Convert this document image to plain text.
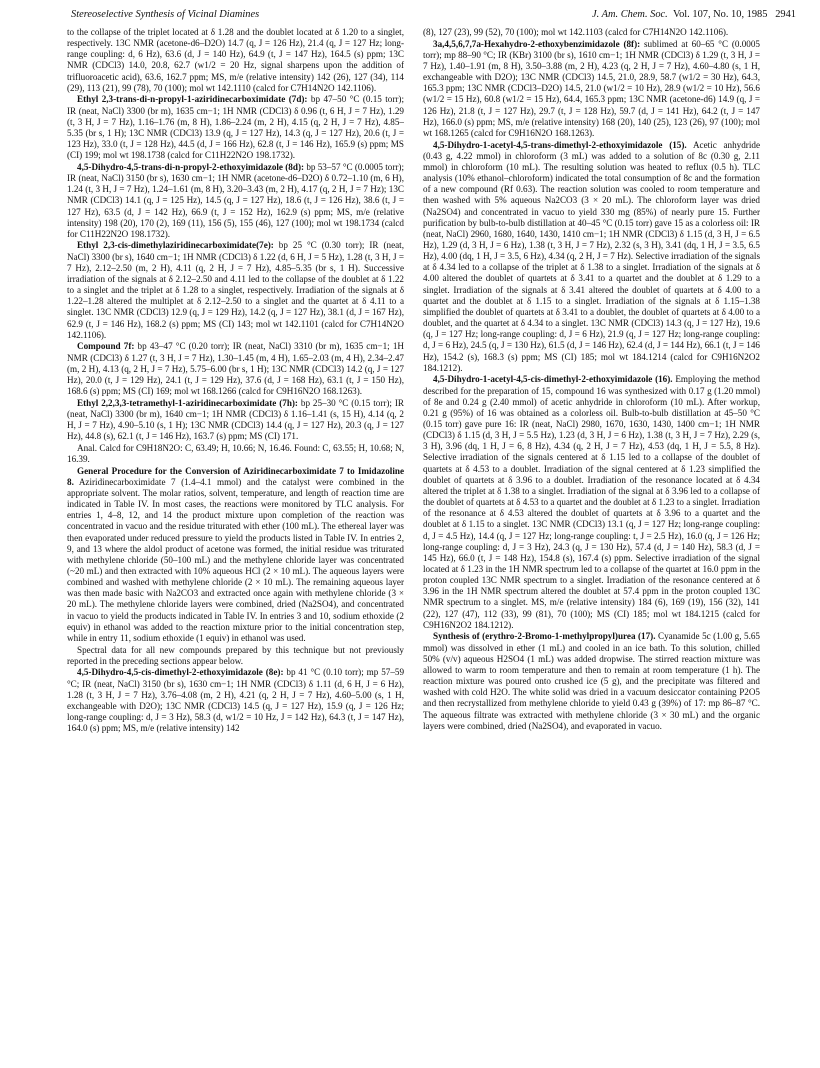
Stereoselective Synthesis of Vicinal Diamines	J. Am. Chem. Soc. Vol. 107, No. 10, 1985 2941

to the collapse of the triplet located at δ 1.28 and the doublet located at δ 1.20 to a singlet, respectively. 13C NMR (acetone-d6–D2O) 14.7 (q, J = 126 Hz), 21.4 (q, J = 127 Hz; long-range coupling: d, 6 Hz), 63.6 (d, J = 140 Hz), 64.9 (t, J = 147 Hz), 164.5 (s) ppm; 13C NMR (CDCl3) 14.0, 20.8, 62.7 (w1/2 = 20 Hz, signal sharpens upon the addition of trifluoroacetic acid), 63.6, 162.7 ppm; MS, m/e (relative intensity) 142 (26), 127 (34), 114 (29), 113 (21), 99 (78), 70 (100); mol wt 142.1110 (calcd for C7H14N2O 142.1106).

Ethyl 2,3-trans-di-n-propyl-1-aziridinecarboximidate (7d): bp 47–50 °C (0.15 torr); IR (neat, NaCl) 3300 (br m), 1635 cm−1; 1H NMR (CDCl3) δ 0.96 (t, 6 H, J = 7 Hz), 1.29 (t, 3 H, J = 7 Hz), 1.16–1.76 (m, 8 H), 1.86–2.24 (m, 2 H), 4.15 (q, 2 H, J = 7 Hz), 4.85–5.35 (br s, 1 H); 13C NMR (CDCl3) 13.9 (q, J = 127 Hz), 14.3 (q, J = 127 Hz), 20.6 (t, J = 123 Hz), 33.0 (t, J = 128 Hz), 44.5 (d, J = 166 Hz), 62.8 (t, J = 146 Hz), 165.9 (s) ppm; MS (CI) 199; mol wt 198.1738 (calcd for C11H22N2O 198.1732).

4,5-Dihydro-4,5-trans-di-n-propyl-2-ethoxyimidazole (8d): bp 53–57 °C (0.0005 torr); IR (neat, NaCl) 3150 (br s), 1630 cm−1; 1H NMR (acetone-d6–D2O) δ 0.72–1.10 (m, 6 H), 1.24 (t, 3 H, J = 7 Hz), 1.24–1.61 (m, 8 H), 3.20–3.43 (m, 2 H), 4.17 (q, 2 H, J = 7 Hz); 13C NMR (CDCl3) 14.1 (q, J = 125 Hz), 14.5 (q, J = 127 Hz), 18.6 (t, J = 126 Hz), 38.6 (t, J = 127 Hz), 63.5 (d, J = 142 Hz), 66.9 (t, J = 152 Hz), 162.9 (s) ppm; MS, m/e (relative intensity) 198 (20), 170 (2), 169 (11), 156 (5), 155 (46), 127 (100); mol wt 198.1734 (calcd for C11H22N2O 198.1732).

Ethyl 2,3-cis-dimethylaziridinecarboximidate(7e): bp 25 °C (0.30 torr); IR (neat, NaCl) 3300 (br s), 1640 cm−1; 1H NMR (CDCl3) δ 1.22 (d, 6 H, J = 5 Hz), 1.28 (t, 3 H, J = 7 Hz), 2.12–2.50 (m, 2 H), 4.11 (q, 2 H, J = 7 Hz), 4.85–5.35 (br s, 1 H). Successive irradiation of the signals at δ 2.12–2.50 and 4.11 led to the collapse of the doublet at δ 1.22 to a singlet and the triplet at δ 1.28 to a singlet, respectively. Irradiation of the signals at δ 1.22–1.28 altered the multiplet at δ 2.12–2.50 to a singlet and the quartet at δ 4.11 to a singlet. 13C NMR (CDCl3) 12.9 (q, J = 129 Hz), 14.2 (q, J = 127 Hz), 38.1 (d, J = 167 Hz), 62.9 (t, J = 146 Hz), 168.2 (s) ppm; MS (CI) 143; mol wt 142.1101 (calcd for C7H14N2O 142.1106).

Compound 7f: bp 43–47 °C (0.20 torr); IR (neat, NaCl) 3310 (br m), 1635 cm−1; 1H NMR (CDCl3) δ 1.27 (t, 3 H, J = 7 Hz), 1.30–1.45 (m, 4 H), 1.65–2.03 (m, 4 H), 2.34–2.47 (m, 2 H), 4.13 (q, 2 H, J = 7 Hz), 5.75–6.00 (br s, 1 H); 13C NMR (CDCl3) 14.2 (q, J = 127 Hz), 20.0 (t, J = 129 Hz), 24.1 (t, J = 129 Hz), 37.6 (d, J = 168 Hz), 63.1 (t, J = 150 Hz), 168.6 (s) ppm; MS (CI) 169; mol wt 168.1266 (calcd for C9H16N2O 168.1263).

Ethyl 2,2,3,3-tetramethyl-1-aziridinecarboximidate (7h): bp 25–30 °C (0.15 torr); IR (neat, NaCl) 3300 (br m), 1640 cm−1; 1H NMR (CDCl3) δ 1.16–1.41 (s, 15 H), 4.14 (q, 2 H, J = 7 Hz), 4.90–5.10 (s, 1 H); 13C NMR (CDCl3) 14.4 (q, J = 127 Hz), 20.3 (q, J = 127 Hz), 44.8 (s), 62.1 (t, J = 146 Hz), 163.7 (s) ppm; MS (CI) 171.

Anal. Calcd for C9H18N2O: C, 63.49; H, 10.66; N, 16.46. Found: C, 63.55; H, 10.68; N, 16.39.

General Procedure for the Conversion of Aziridinecarboximidate 7 to Imidazoline 8. Aziridinecarboximidate 7 (1.4–4.1 mmol) and the catalyst were combined in the appropriate solvent. The molar ratios, solvent, temperature, and length of reaction time are indicated in Table IV. In most cases, the reactions were monitored by TLC analysis. For entries 1, 4–8, 12, and 14 the product mixture upon completion of the reaction was concentrated in vacuo and the residue triturated with ether (100 mL). The ethereal layer was then evaporated under reduced pressure to yield the products listed in Table IV. In entries 2, 9, and 13 where the aldol product of acetone was formed, the initial residue was triturated with methylene chloride (50–100 mL) and the methylene chloride layer was concentrated (~20 mL) and then extracted with 10% aqueous HCl (2 × 10 mL). The aqueous layers were combined and washed with methylene chloride (2 × 10 mL). The remaining aqueous layer was then made basic with Na2CO3 and extracted once again with methylene chloride (3 × 20 mL). The methylene chloride layers were combined, dried (Na2SO4), and concentrated in vacuo to yield the products indicated in Table IV. In entries 3 and 10, sodium ethoxide (2 equiv) in ethanol was added to the reaction mixture prior to the initial concentration step, while in entry 11, sodium ethoxide (1 equiv) in ethanol was used.

Spectral data for all new compounds prepared by this technique but not previously reported in the preceding sections appear below.

4,5-Dihydro-4,5-cis-dimethyl-2-ethoxyimidazole (8e): bp 41 °C (0.10 torr); mp 57–59 °C; IR (neat, NaCl) 3150 (br s), 1630 cm−1; 1H NMR (CDCl3) δ 1.11 (d, 6 H, J = 6 Hz), 1.28 (t, 3 H, J = 7 Hz), 3.76–4.08 (m, 2 H), 4.21 (q, 2 H, J = 7 Hz), 4.60–5.00 (s, 1 H, exchangeable with D2O); 13C NMR (CDCl3) 14.5 (q, J = 127 Hz), 15.9 (q, J = 126 Hz; long-range coupling: d, J = 3 Hz), 58.3 (d, w1/2 = 10 Hz, J = 142 Hz), 64.3 (t, J = 147 Hz), 164.0 (s) ppm; MS, m/e (relative intensity) 142

(8), 127 (23), 99 (52), 70 (100); mol wt 142.1103 (calcd for C7H14N2O 142.1106).

3a,4,5,6,7,7a-Hexahydro-2-ethoxybenzimidazole (8f): sublimed at 60–65 °C (0.0005 torr); mp 88–90 °C; IR (KBr) 3100 (br s), 1610 cm−1; 1H NMR (CDCl3) δ 1.29 (t, 3 H, J = 7 Hz), 1.40–1.91 (m, 8 H), 3.50–3.88 (m, 2 H), 4.23 (q, 2 H, J = 7 Hz), 4.60–4.80 (s, 1 H, exchangeable with D2O); 13C NMR (CDCl3) 14.5, 21.0, 28.9, 58.7 (w1/2 = 30 Hz), 64.3, 165.3 ppm; 13C NMR (CDCl3–D2O) 14.5, 21.0 (w1/2 = 10 Hz), 28.9 (w1/2 = 10 Hz), 56.6 (w1/2 = 15 Hz), 60.8 (w1/2 = 15 Hz), 64.4, 165.3 ppm; 13C NMR (acetone-d6) 14.9 (q, J = 126 Hz), 21.8 (t, J = 127 Hz), 29.7 (t, J = 128 Hz), 59.7 (d, J = 141 Hz), 64.2 (t, J = 147 Hz), 166.0 (s) ppm; MS, m/e (relative intensity) 168 (20), 140 (25), 123 (26), 97 (100); mol wt 168.1265 (calcd for C9H16N2O 168.1263).

4,5-Dihydro-1-acetyl-4,5-trans-dimethyl-2-ethoxyimidazole (15). Acetic anhydride (0.43 g, 4.22 mmol) in chloroform (3 mL) was added to a solution of 8c (0.30 g, 2.11 mmol) in chloroform (10 mL). The resulting solution was heated to reflux (0.5 h). TLC analysis (10% ethanol–chloroform) indicated the total consumption of 8c and the formation of a new compound (Rf 0.63). The reaction solution was cooled to room temperature and then washed with 5% aqueous Na2CO3 (3 × 20 mL). The chloroform layer was dried (Na2SO4) and concentrated in vacuo to yield 330 mg (85%) of nearly pure 15. Further purification by bulb-to-bulb distillation at 40–45 °C (0.15 torr) gave 15 as a colorless oil: IR (neat, NaCl) 2960, 1680, 1640, 1430, 1410 cm−1; 1H NMR (CDCl3) δ 1.15 (d, 3 H, J = 6.5 Hz), 1.29 (d, 3 H, J = 6 Hz), 1.38 (t, 3 H, J = 7 Hz), 2.32 (s, 3 H), 3.41 (dq, 1 H, J = 3.5, 6.5 Hz), 4.00 (dq, 1 H, J = 3.5, 6 Hz), 4.34 (q, 2 H, J = 7 Hz). Selective irradiation of the signals at δ 4.34 led to a collapse of the triplet at δ 1.38 to a singlet. Irradiation of the signals at δ 4.00 altered the doublet of quartets at δ 3.41 to a quartet and the doublet at δ 1.29 to a singlet. Irradiation of the signals at δ 3.41 altered the doublet of quartets at δ 4.00 to a quartet and the doublet at δ 1.15 to a singlet. Irradiation of the signals at δ 1.15–1.38 simplified the doublet of quartets at δ 3.41 to a doublet, the doublet of quartets at δ 4.00 to a doublet, and the quartet at δ 4.34 to a singlet. 13C NMR (CDCl3) 14.3 (q, J = 127 Hz), 19.6 (q, J = 127 Hz; long-range coupling: d, J = 6 Hz), 21.9 (q, J = 127 Hz; long-range coupling: d, J = 6 Hz), 24.5 (q, J = 130 Hz), 61.5 (d, J = 146 Hz), 62.4 (d, J = 144 Hz), 66.1 (t, J = 146 Hz), 154.2 (s), 168.3 (s) ppm; MS (CI) 185; mol wt 184.1214 (calcd for C9H16N2O2 184.1212).

4,5-Dihydro-1-acetyl-4,5-cis-dimethyl-2-ethoxyimidazole (16). Employing the method described for the preparation of 15, compound 16 was synthesized with 0.17 g (1.20 mmol) of 8e and 0.24 g (2.40 mmol) of acetic anhydride in chloroform (10 mL). After workup, 0.21 g (95%) of 16 was obtained as a colorless oil. Bulb-to-bulb distillation at 45–50 °C (0.15 torr) gave pure 16: IR (neat, NaCl) 2980, 1670, 1630, 1430, 1400 cm−1; 1H NMR (CDCl3) δ 1.15 (d, 3 H, J = 5.5 Hz), 1.23 (d, 3 H, J = 6 Hz), 1.38 (t, 3 H, J = 7 Hz), 2.29 (s, 3 H), 3.96 (dq, 1 H, J = 6, 8 Hz), 4.34 (q, 2 H, J = 7 Hz), 4.53 (dq, 1 H, J = 5.5, 8 Hz). Selective irradiation of the signals centered at δ 1.15 led to a collapse of the doublet of quartets at δ 4.53 to a doublet. Irradiation of the signal centered at δ 1.23 simplified the doublet of quartets at δ 3.96 to a doublet. Irradiation of the resonance located at δ 4.34 altered the triplet at δ 1.38 to a singlet. Irradiation of the signal at δ 3.96 led to a collapse of the doublet of quartets at δ 4.53 to a quartet and the doublet at δ 1.23 to a singlet. Irradiation of the resonance at δ 4.53 altered the doublet of quartets at δ 3.96 to a quartet and the doublet at δ 1.15 to a singlet. 13C NMR (CDCl3) 13.1 (q, J = 127 Hz; long-range coupling: d, J = 4.5 Hz), 14.4 (q, J = 127 Hz; long-range coupling: t, J = 2.5 Hz), 16.0 (q, J = 126 Hz; long-range coupling: d, J = 3 Hz), 24.3 (q, J = 130 Hz), 57.4 (d, J = 140 Hz), 58.3 (d, J = 145 Hz), 66.0 (t, J = 148 Hz), 154.8 (s), 167.4 (s) ppm. Selective irradiation of the signal located at δ 1.23 in the 1H NMR spectrum led to a collapse of the quartet at 16.0 ppm in the proton coupled 13C NMR spectrum to a singlet. Irradiation of the resonance centered at δ 3.96 in the 1H NMR spectrum altered the doublet at 57.4 ppm in the proton coupled 13C NMR spectrum to a singlet. MS, m/e (relative intensity) 184 (6), 169 (19), 156 (32), 141 (22), 127 (47), 112 (33), 99 (81), 70 (100); MS (CI) 185; mol wt 184.1215 (calcd for C9H16N2O2 184.1212).

Synthesis of (erythro-2-Bromo-1-methylpropyl)urea (17). Cyanamide 5c (1.00 g, 5.65 mmol) was dissolved in ether (1 mL) and cooled in an ice bath. To this solution, chilled 50% (v/v) aqueous H2SO4 (1 mL) was added dropwise. The stirred reaction mixture was allowed to warm to room temperature and then to remain at room temperature (1 h). The reaction mixture was poured onto crushed ice (5 g), and the precipitate was filtered and washed with cold H2O. The white solid was dried in a vacuum desiccator containing P2O5 and then recrystallized from methylene chloride to yield 0.43 g (39%) of 17: mp 86–87 °C. The aqueous filtrate was extracted with methylene chloride (3 × 30 mL) and the organic layers were combined, dried (Na2SO4), and evaporated in vacuo.
